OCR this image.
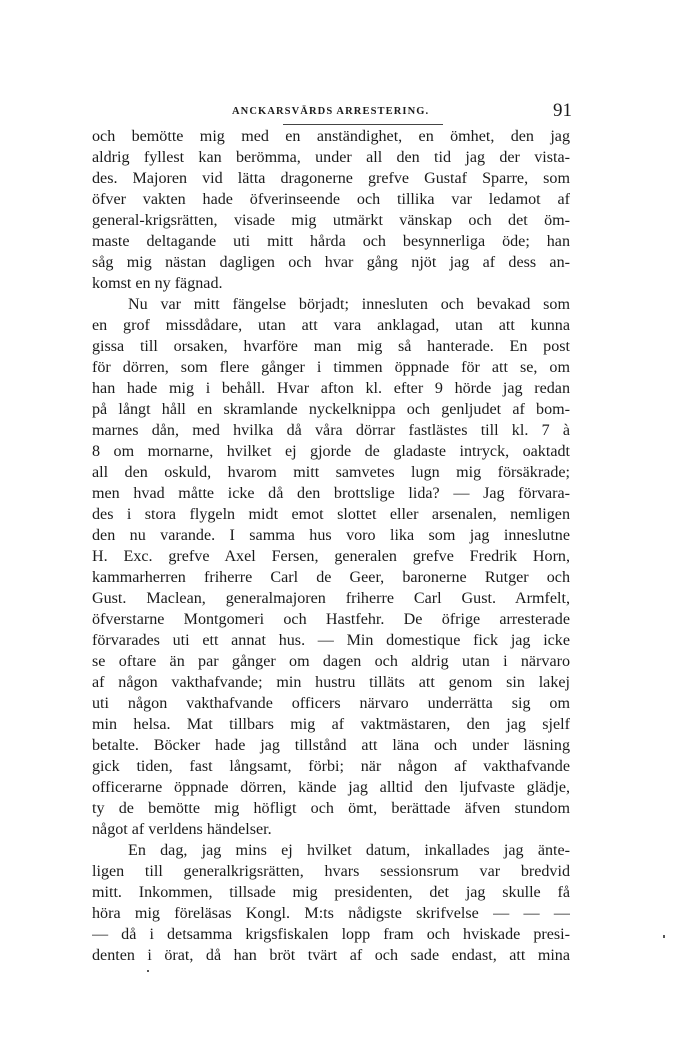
ANCKARSVÄRDS ARRESTERING.	91
och bemötte mig med en anständighet, en ömhet, den jag
aldrig fyllest kan berömma, under all den tid jag der vista-
des. Majoren vid lätta dragonerne grefve Gustaf Sparre, som
öfver vakten hade öfverinseende och tillika var ledamot af
general-krigsrätten, visade mig utmärkt vänskap och det öm-
maste deltagande uti mitt hårda och besynnerliga öde; han
såg mig nästan dagligen och hvar gång njöt jag af dess an-
komst en ny fägnad.
Nu var mitt fängelse börjadt; innesluten och bevakad som
en grof missdådare, utan att vara anklagad, utan att kunna
gissa till orsaken, hvarföre man mig så hanterade. En post
för dörren, som flere gånger i timmen öppnade för att se, om
han hade mig i behåll. Hvar afton kl. efter 9 hörde jag redan
på långt håll en skramlande nyckelknippa och genljudet af bom-
marnes dån, med hvilka då våra dörrar fastlästes till kl. 7 à
8 om mornarne, hvilket ej gjorde de gladaste intryck, oaktadt
all den oskuld, hvarom mitt samvetes lugn mig försäkrade;
men hvad måtte icke då den brottslige lida? — Jag förvara-
des i stora flygeln midt emot slottet eller arsenalen, nemligen
den nu varande. I samma hus voro lika som jag inneslutne
H. Exc. grefve Axel Fersen, generalen grefve Fredrik Horn,
kammarherren friherre Carl de Geer, baronerne Rutger och
Gust. Maclean, generalmajoren friherre Carl Gust. Armfelt,
öfverstarne Montgomeri och Hastfehr. De öfrige arresterade
förvarades uti ett annat hus. — Min domestique fick jag icke
se oftare än par gånger om dagen och aldrig utan i närvaro
af någon vakthafvande; min hustru tilläts att genom sin lakej
uti någon vakthafvande officers närvaro underrätta sig om
min helsa. Mat tillbars mig af vaktmästaren, den jag sjelf
betalte. Böcker hade jag tillstånd att läna och under läsning
gick tiden, fast långsamt, förbi; när någon af vakthafvande
officerarne öppnade dörren, kände jag alltid den ljufvaste glädje,
ty de bemötte mig höfligt och ömt, berättade äfven stundom
något af verldens händelser.
En dag, jag mins ej hvilket datum, inkallades jag änte-
ligen till generalkrigsrätten, hvars sessionsrum var bredvid
mitt. Inkommen, tillsade mig presidenten, det jag skulle få
höra mig föreläsas Kongl. M:ts nådigste skrifvelse — — —
— då i detsamma krigsfiskalen lopp fram och hviskade presi-
denten i örat, då han bröt tvärt af och sade endast, att mina
